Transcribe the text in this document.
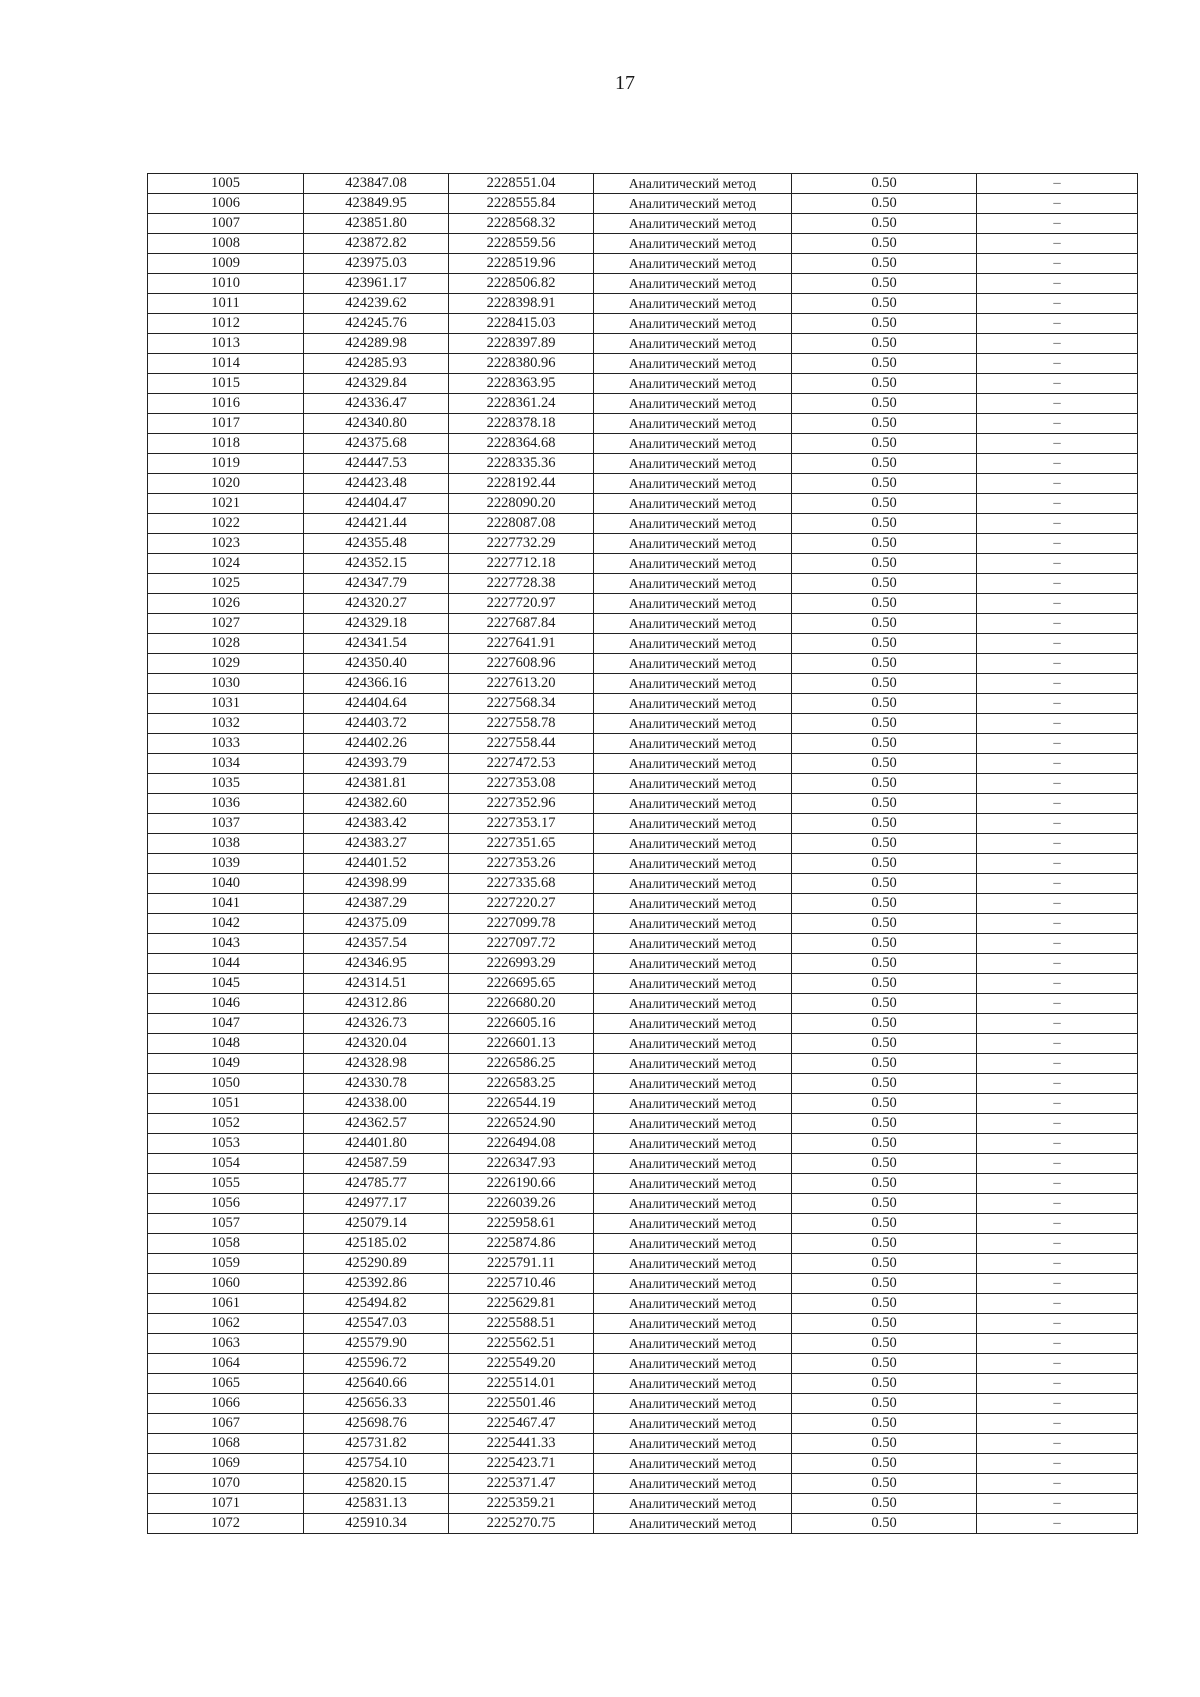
17
1005	423847.08	2228551.04	Аналитический метод	0.50	–
1006	423849.95	2228555.84	Аналитический метод	0.50	–
1007	423851.80	2228568.32	Аналитический метод	0.50	–
1008	423872.82	2228559.56	Аналитический метод	0.50	–
1009	423975.03	2228519.96	Аналитический метод	0.50	–
1010	423961.17	2228506.82	Аналитический метод	0.50	–
1011	424239.62	2228398.91	Аналитический метод	0.50	–
1012	424245.76	2228415.03	Аналитический метод	0.50	–
1013	424289.98	2228397.89	Аналитический метод	0.50	–
1014	424285.93	2228380.96	Аналитический метод	0.50	–
1015	424329.84	2228363.95	Аналитический метод	0.50	–
1016	424336.47	2228361.24	Аналитический метод	0.50	–
1017	424340.80	2228378.18	Аналитический метод	0.50	–
1018	424375.68	2228364.68	Аналитический метод	0.50	–
1019	424447.53	2228335.36	Аналитический метод	0.50	–
1020	424423.48	2228192.44	Аналитический метод	0.50	–
1021	424404.47	2228090.20	Аналитический метод	0.50	–
1022	424421.44	2228087.08	Аналитический метод	0.50	–
1023	424355.48	2227732.29	Аналитический метод	0.50	–
1024	424352.15	2227712.18	Аналитический метод	0.50	–
1025	424347.79	2227728.38	Аналитический метод	0.50	–
1026	424320.27	2227720.97	Аналитический метод	0.50	–
1027	424329.18	2227687.84	Аналитический метод	0.50	–
1028	424341.54	2227641.91	Аналитический метод	0.50	–
1029	424350.40	2227608.96	Аналитический метод	0.50	–
1030	424366.16	2227613.20	Аналитический метод	0.50	–
1031	424404.64	2227568.34	Аналитический метод	0.50	–
1032	424403.72	2227558.78	Аналитический метод	0.50	–
1033	424402.26	2227558.44	Аналитический метод	0.50	–
1034	424393.79	2227472.53	Аналитический метод	0.50	–
1035	424381.81	2227353.08	Аналитический метод	0.50	–
1036	424382.60	2227352.96	Аналитический метод	0.50	–
1037	424383.42	2227353.17	Аналитический метод	0.50	–
1038	424383.27	2227351.65	Аналитический метод	0.50	–
1039	424401.52	2227353.26	Аналитический метод	0.50	–
1040	424398.99	2227335.68	Аналитический метод	0.50	–
1041	424387.29	2227220.27	Аналитический метод	0.50	–
1042	424375.09	2227099.78	Аналитический метод	0.50	–
1043	424357.54	2227097.72	Аналитический метод	0.50	–
1044	424346.95	2226993.29	Аналитический метод	0.50	–
1045	424314.51	2226695.65	Аналитический метод	0.50	–
1046	424312.86	2226680.20	Аналитический метод	0.50	–
1047	424326.73	2226605.16	Аналитический метод	0.50	–
1048	424320.04	2226601.13	Аналитический метод	0.50	–
1049	424328.98	2226586.25	Аналитический метод	0.50	–
1050	424330.78	2226583.25	Аналитический метод	0.50	–
1051	424338.00	2226544.19	Аналитический метод	0.50	–
1052	424362.57	2226524.90	Аналитический метод	0.50	–
1053	424401.80	2226494.08	Аналитический метод	0.50	–
1054	424587.59	2226347.93	Аналитический метод	0.50	–
1055	424785.77	2226190.66	Аналитический метод	0.50	–
1056	424977.17	2226039.26	Аналитический метод	0.50	–
1057	425079.14	2225958.61	Аналитический метод	0.50	–
1058	425185.02	2225874.86	Аналитический метод	0.50	–
1059	425290.89	2225791.11	Аналитический метод	0.50	–
1060	425392.86	2225710.46	Аналитический метод	0.50	–
1061	425494.82	2225629.81	Аналитический метод	0.50	–
1062	425547.03	2225588.51	Аналитический метод	0.50	–
1063	425579.90	2225562.51	Аналитический метод	0.50	–
1064	425596.72	2225549.20	Аналитический метод	0.50	–
1065	425640.66	2225514.01	Аналитический метод	0.50	–
1066	425656.33	2225501.46	Аналитический метод	0.50	–
1067	425698.76	2225467.47	Аналитический метод	0.50	–
1068	425731.82	2225441.33	Аналитический метод	0.50	–
1069	425754.10	2225423.71	Аналитический метод	0.50	–
1070	425820.15	2225371.47	Аналитический метод	0.50	–
1071	425831.13	2225359.21	Аналитический метод	0.50	–
1072	425910.34	2225270.75	Аналитический метод	0.50	–
